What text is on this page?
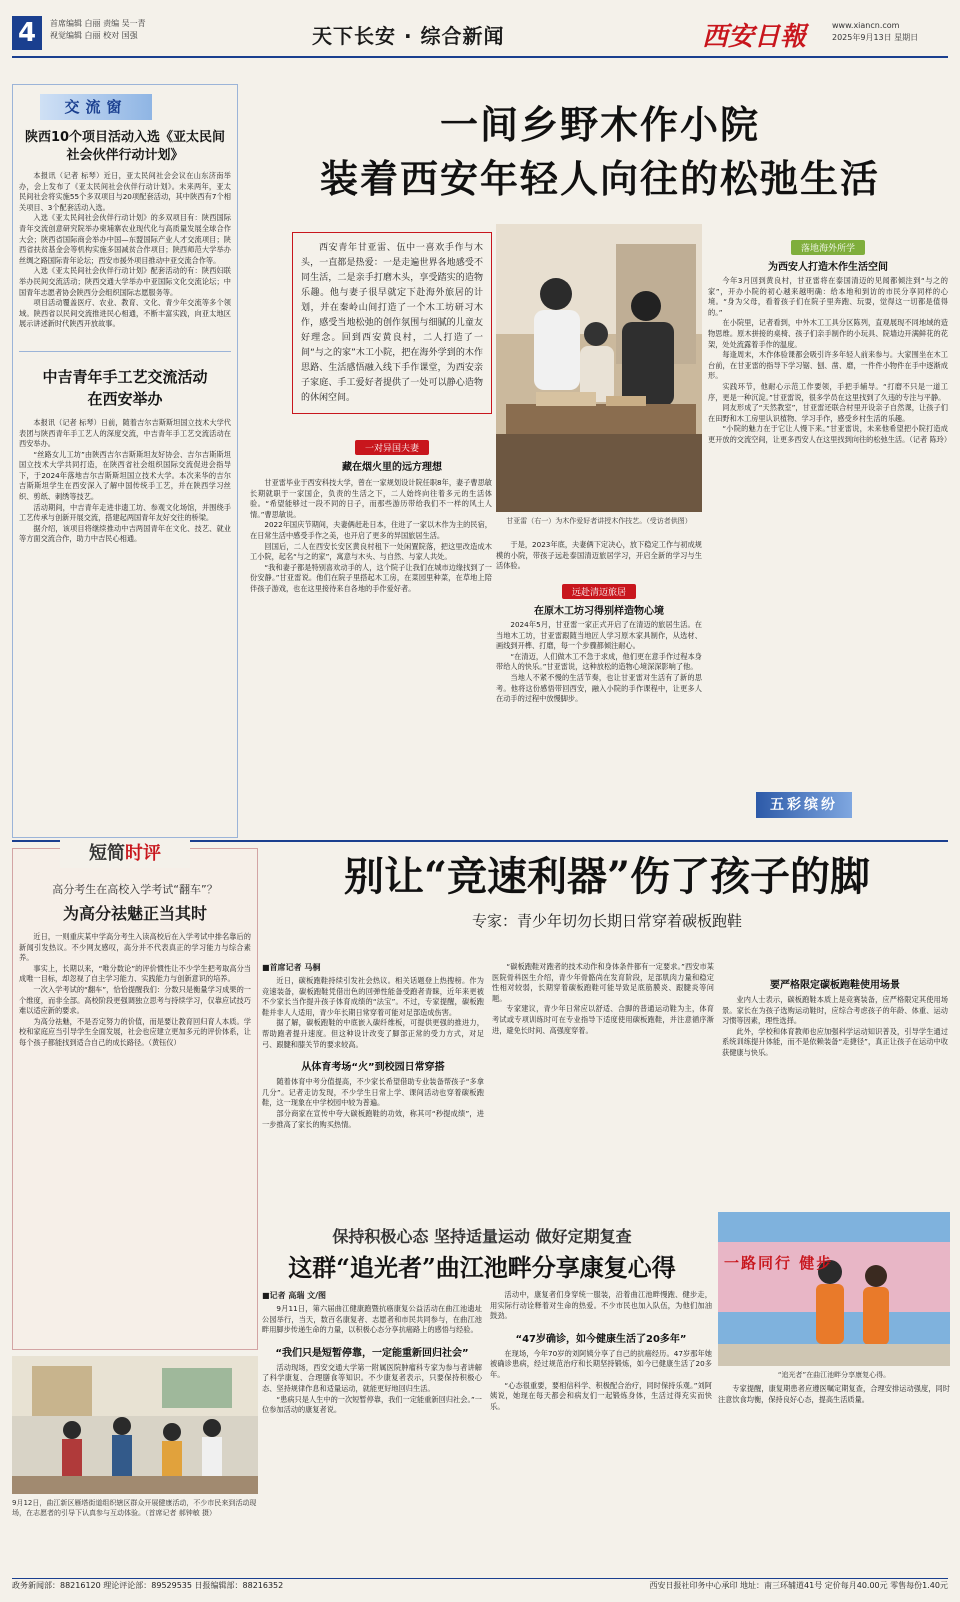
4	首席编辑 白丽 责编 吴一青
视觉编辑 白丽 校对 国强	天下长安 · 综合新闻	西安日報	www.xiancn.com
2025年9月13日 星期日
陕西10个项目活动入选《亚太民间社会伙伴行动计划》

本报讯（记者 标琴）近日，亚太民间社会会议在山东济南举办，会上发布了《亚太民间社会伙伴行动计划》。未来两年，亚太民间社会将实施55个多双项目与20项配套活动，其中陕西有7个相关项目、3个配套活动入选。

入选《亚太民间社会伙伴行动计划》的多双项目有：陕西国际青年交流创意研究院举办柬埔寨农业现代化与高质量发展全球合作大会；陕西省国际商会举办中国—东盟国际产业人才交流项目；陕西省扶贫基金会等机构实施多国减贫合作项目；陕西师范大学举办丝绸之路国际青年论坛；西安市援外项目推动中亚交流合作等。

入选《亚太民间社会伙伴行动计划》配套活动的有：陕西妇联举办民间交流活动；陕西交通大学举办中亚国际文化交流论坛；中国青年志愿者协会陕西分会组织国际志愿服务等。

项目活动覆盖医疗、农业、教育、文化、青少年交流等多个领域。陕西省以民间交流推进民心相通，不断丰富实践，向亚太地区展示讲述新时代陕西开放故事。

中吉青年手工艺交流活动在西安举办

本报讯（记者 标琴）日前，随着吉尔吉斯斯坦国立技术大学代表团与陕西青年手工艺人的深度交流，中吉青年手工艺交流活动在西安举办。

“丝路女儿工坊”由陕西吉尔吉斯斯坦友好协会、吉尔吉斯斯坦国立技术大学共同打造，在陕西省社会组织国际交流促进会指导下，于2024年落地吉尔吉斯斯坦国立技术大学。本次来华的吉尔吉斯斯坦学生在西安深入了解中国传统手工艺，并在陕西学习丝织、剪纸、刺绣等技艺。

活动期间，中吉青年走进非遗工坊、参观文化场馆，并围绕手工艺传承与创新开展交流，搭建起两国青年友好交往的桥梁。

据介绍，该项目将继续推动中吉两国青年在文化、技艺、就业等方面交流合作，助力中吉民心相通。

交流窗	一间乡野木作小院
装着西安年轻人向往的松弛生活

西安青年甘亚雷、伍中一喜欢手作与木头，一直都是热爱：一是走遍世界各地感受不同生活，二是亲手打磨木头，享受踏实的造物乐趣。他与妻子很早就定下赴海外旅居的计划，并在秦岭山间打造了一个木工坊研习木作，感受当地松弛的创作氛围与细腻的儿童友好理念。回到西安黄良村，二人打造了一间“与之的家”木工小院，把在海外学到的木作思路、生活感悟融入线下手作课堂，为西安亲子家庭、手工爱好者提供了一处可以静心造物的休闲空间。

甘亚雷（右一）为木作爱好者讲授木作技艺。（受访者供图）
一对异国夫妻
藏在烟火里的远方理想

甘亚雷毕业于西安科技大学，曾在一家规划设计院任职8年，妻子曹思敏长期就职于一家国企，负责的生活之下，二人始终向往着多元的生活体验。“希望能够过一段不同的日子，而那些游历带给我们不一样的风土人情。”曹思敏说。

2022年国庆节期间，夫妻俩赶赴日本，住进了一家以木作为主的民宿，在日常生活中感受手作之美，也开启了更多的异国旅居生活。

回国后，二人在西安长安区黄良村租下一处闲置院落，把这里改造成木工小院，起名“与之的家”，寓意与木头、与自然、与家人共处。

“我和妻子都是特别喜欢动手的人，这个院子让我们在城市边缘找到了一份安静。”甘亚雷说。他们在院子里搭起木工房，在菜园里种菜，在草地上陪伴孩子游戏，也在这里接待来自各地的手作爱好者。

于是，2023年底，夫妻俩下定决心，放下稳定工作与初成规模的小院，带孩子远赴泰国清迈旅居学习，开启全新的学习与生活体验。

远赴清迈旅居
在原木工坊习得别样造物心境

2024年5月，甘亚雷一家正式开启了在清迈的旅居生活。在当地木工坊，甘亚雷跟随当地匠人学习原木家具制作，从选材、画线到开榫、打磨，每一个步骤都倾注耐心。

“在清迈，人们做木工不急于求成，他们更在意手作过程本身带给人的快乐。”甘亚雷说，这种放松的造物心境深深影响了他。

当地人不紧不慢的生活节奏，也让甘亚雷对生活有了新的思考。他将这份感悟带回西安，融入小院的手作课程中，让更多人在动手的过程中放慢脚步。

落地海外所学
为西安人打造木作生活空间

今年3月回到黄良村，甘亚雷将在泰国清迈的见闻都倾注到“与之的家”，开办小院的初心越来越明确：给本地和到访的市民分享同样的心境。“身为父母，看着孩子们在院子里奔跑、玩耍，觉得这一切都是值得的。”

在小院里，记者看到，中外木工工具分区陈列，直观展现不同地域的造物思维。原木拼接的桌椅、孩子们亲手制作的小玩具、院墙边开满鲜花的花架，处处流露着手作的温度。

每逢周末，木作体验课都会吸引许多年轻人前来参与。大家围坐在木工台前，在甘亚雷的指导下学习锯、刨、凿、磨，一件件小物件在手中逐渐成形。

实践环节，他耐心示范工作要领，手把手辅导。“打磨不只是一道工序，更是一种沉淀。”甘亚雷说，很多学员在这里找到了久违的专注与平静。

同友形成了“天然教室”，甘亚雷还联合村里开设亲子自然课，让孩子们在田野和木工房里认识植物、学习手作，感受乡村生活的乐趣。

“小院的魅力在于它让人慢下来。”甘亚雷说，未来他希望把小院打造成更开放的交流空间，让更多西安人在这里找到向往的松弛生活。（记者 陈玲）

五彩缤纷
高分考生在高校入学考试“翻车”？
为高分祛魅正当其时

近日，一则重庆某中学高分考生入读高校后在入学考试中排名靠后的新闻引发热议。不少网友感叹，高分并不代表真正的学习能力与综合素养。

事实上，长期以来，“唯分数论”的评价惯性让不少学生把考取高分当成唯一目标，却忽视了自主学习能力、实践能力与创新意识的培养。

一次入学考试的“翻车”，恰恰提醒我们：分数只是衡量学习成果的一个维度，而非全部。高校阶段更强调独立思考与持续学习，仅靠应试技巧难以适应新的要求。

为高分祛魅，不是否定努力的价值，而是要让教育回归育人本质。学校和家庭应当引导学生全面发展，社会也应建立更加多元的评价体系，让每个孩子都能找到适合自己的成长路径。（黄钰仪）

短简时评
9月12日，曲江新区雁塔街道组织辖区群众开展健康活动，不少市民来到活动现场，在志愿者的引导下认真参与互动体验。（首席记者 郝钟敏 摄）
别让“竞速利器”伤了孩子的脚
专家：青少年切勿长期日常穿着碳板跑鞋
■首席记者 马桐

近日，碳板跑鞋持续引发社会热议。相关话题登上热搜榜。作为竞速装备，碳板跑鞋凭借出色的回弹性能备受跑者青睐，近年来更被不少家长当作提升孩子体育成绩的“法宝”。不过，专家提醒，碳板跑鞋并非人人适用，青少年长期日常穿着可能对足部造成伤害。

据了解，碳板跑鞋的中底嵌入碳纤维板，可提供更强的推进力，帮助跑者提升速度。但这种设计改变了脚部正常的受力方式，对足弓、跟腱和膝关节的要求较高。

从体育考场“火”到校园日常穿搭

随着体育中考分值提高，不少家长希望借助专业装备帮孩子“多拿几分”。记者走访发现，不少学生日常上学、课间活动也穿着碳板跑鞋，这一现象在中学校园中较为普遍。

部分商家在宣传中夸大碳板跑鞋的功效，称其可“秒提成绩”，进一步推高了家长的购买热情。

“碳板跑鞋对跑者的技术动作和身体条件都有一定要求。”西安市某医院骨科医生介绍，青少年骨骼尚在发育阶段，足部肌肉力量和稳定性相对较弱，长期穿着碳板跑鞋可能导致足底筋膜炎、跟腱炎等问题。

专家建议，青少年日常应以舒适、合脚的普通运动鞋为主，体育考试或专项训练时可在专业指导下适度使用碳板跑鞋，并注意循序渐进，避免长时间、高强度穿着。

要严格限定碳板跑鞋使用场景

业内人士表示，碳板跑鞋本质上是竞赛装备，应严格限定其使用场景。家长在为孩子选购运动鞋时，应综合考虑孩子的年龄、体重、运动习惯等因素，理性选择。

此外，学校和体育教师也应加强科学运动知识普及，引导学生通过系统训练提升体能，而不是依赖装备“走捷径”，真正让孩子在运动中收获健康与快乐。

保持积极心态 坚持适量运动 做好定期复查
这群“追光者”曲江池畔分享康复心得
■记者 高瑞 文/图

9月11日，第六届曲江健康跑暨抗癌康复公益活动在曲江池遗址公园举行，当天，数百名康复者、志愿者和市民共同参与，在曲江池畔用脚步传递生命的力量，以积极心态分享抗癌路上的感悟与经验。

“我们只是短暂停靠，一定能重新回归社会”

活动现场，西安交通大学第一附属医院肿瘤科专家为参与者讲解了科学康复、合理膳食等知识。不少康复者表示，只要保持积极心态、坚持规律作息和适量运动，就能更好地回归生活。

“患病只是人生中的一次短暂停靠，我们一定能重新回归社会。”一位参加活动的康复者说。

活动中，康复者们身穿统一服装，沿着曲江池畔慢跑、健步走，用实际行动诠释着对生命的热爱。不少市民也加入队伍，为他们加油鼓劲。

“47岁确诊，如今健康生活了20多年”

在现场，今年70岁的刘阿姨分享了自己的抗癌经历。47岁那年她被确诊患病，经过规范治疗和长期坚持锻炼，如今已健康生活了20多年。

“心态很重要，要相信科学、积极配合治疗，同时保持乐观。”刘阿姨说，她现在每天都会和病友们一起锻炼身体，生活过得充实而快乐。

一路同行 健步
“追光者”在曲江池畔分享康复心得。

专家提醒，康复期患者应遵医嘱定期复查，合理安排运动强度，同时注意饮食均衡，保持良好心态，提高生活质量。

政务新闻部：88216120 理论评论部：89529535 日报编辑部：88216352	西安日报社印务中心承印 地址：南三环辅道41号 定价每月40.00元 零售每份1.40元
